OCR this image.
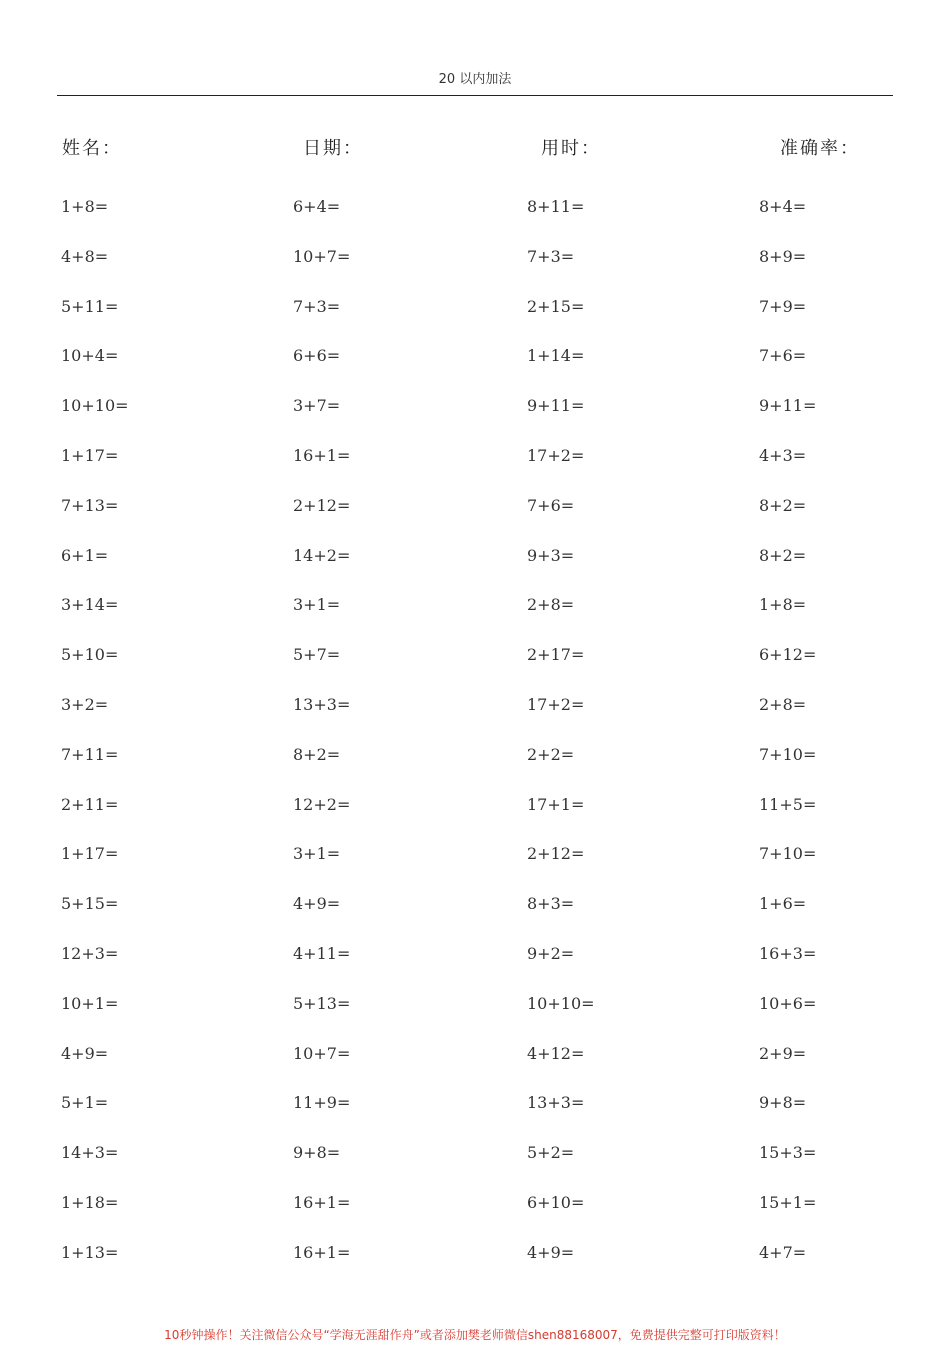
20 以内加法
姓名：	日期：	用时：	准确率：
1+8=	6+4=	8+11=	8+4=
4+8=	10+7=	7+3=	8+9=
5+11=	7+3=	2+15=	7+9=
10+4=	6+6=	1+14=	7+6=
10+10=	3+7=	9+11=	9+11=
1+17=	16+1=	17+2=	4+3=
7+13=	2+12=	7+6=	8+2=
6+1=	14+2=	9+3=	8+2=
3+14=	3+1=	2+8=	1+8=
5+10=	5+7=	2+17=	6+12=
3+2=	13+3=	17+2=	2+8=
7+11=	8+2=	2+2=	7+10=
2+11=	12+2=	17+1=	11+5=
1+17=	3+1=	2+12=	7+10=
5+15=	4+9=	8+3=	1+6=
12+3=	4+11=	9+2=	16+3=
10+1=	5+13=	10+10=	10+6=
4+9=	10+7=	4+12=	2+9=
5+1=	11+9=	13+3=	9+8=
14+3=	9+8=	5+2=	15+3=
1+18=	16+1=	6+10=	15+1=
1+13=	16+1=	4+9=	4+7=
10秒钟操作！关注微信公众号“学海无涯甜作舟”或者添加樊老师微信shen88168007，免费提供完整可打印版资料！
